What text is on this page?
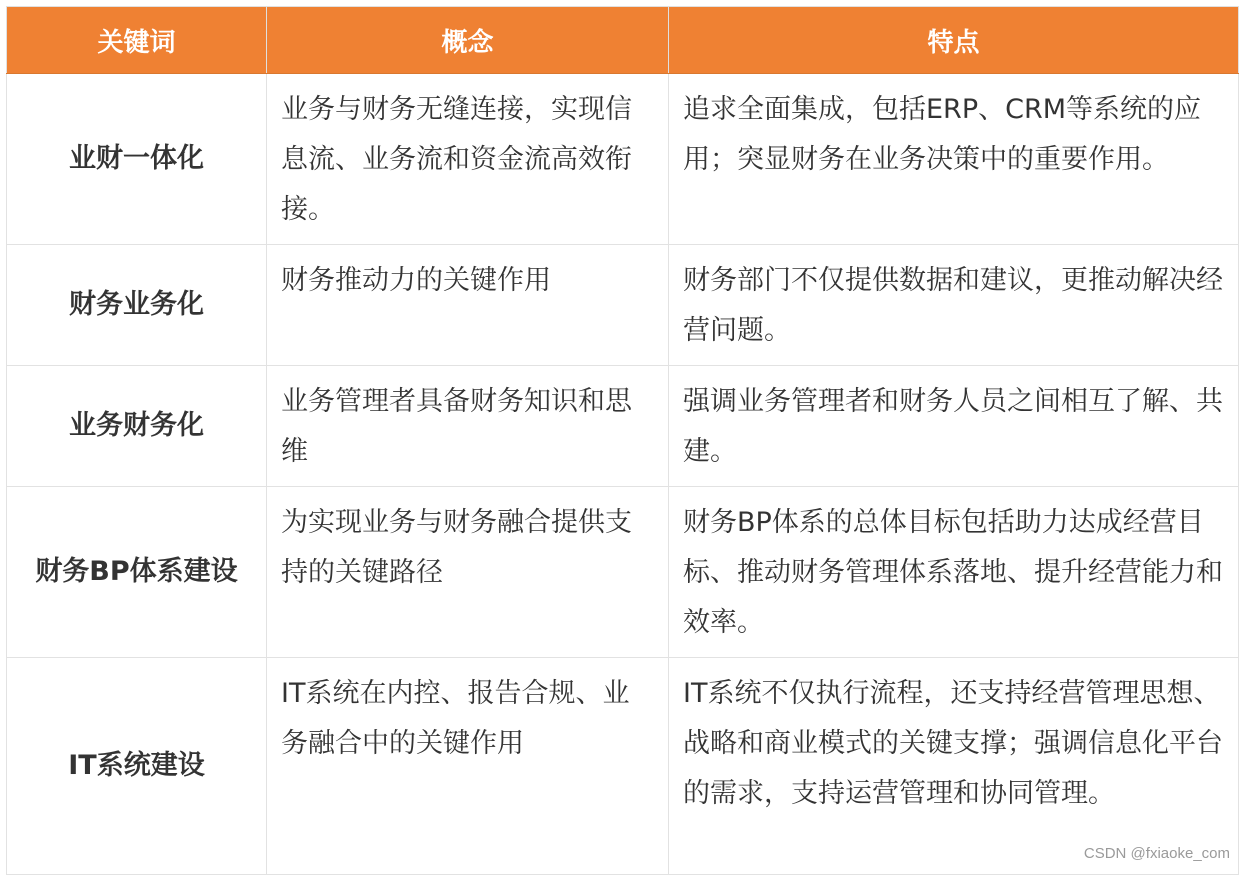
关键词	概念	特点
业财一体化	业务与财务无缝连接，实现信息流、业务流和资金流高效衔接。	追求全面集成，包括ERP、CRM等系统的应用；突显财务在业务决策中的重要作用。
财务业务化	财务推动力的关键作用	财务部门不仅提供数据和建议，更推动解决经营问题。
业务财务化	业务管理者具备财务知识和思维	强调业务管理者和财务人员之间相互了解、共建。
财务BP体系建设	为实现业务与财务融合提供支持的关键路径	财务BP体系的总体目标包括助力达成经营目标、推动财务管理体系落地、提升经营能力和效率。
IT系统建设	IT系统在内控、报告合规、业务融合中的关键作用	IT系统不仅执行流程，还支持经营管理思想、战略和商业模式的关键支撑；强调信息化平台的需求，支持运营管理和协同管理。
CSDN @fxiaoke_com
